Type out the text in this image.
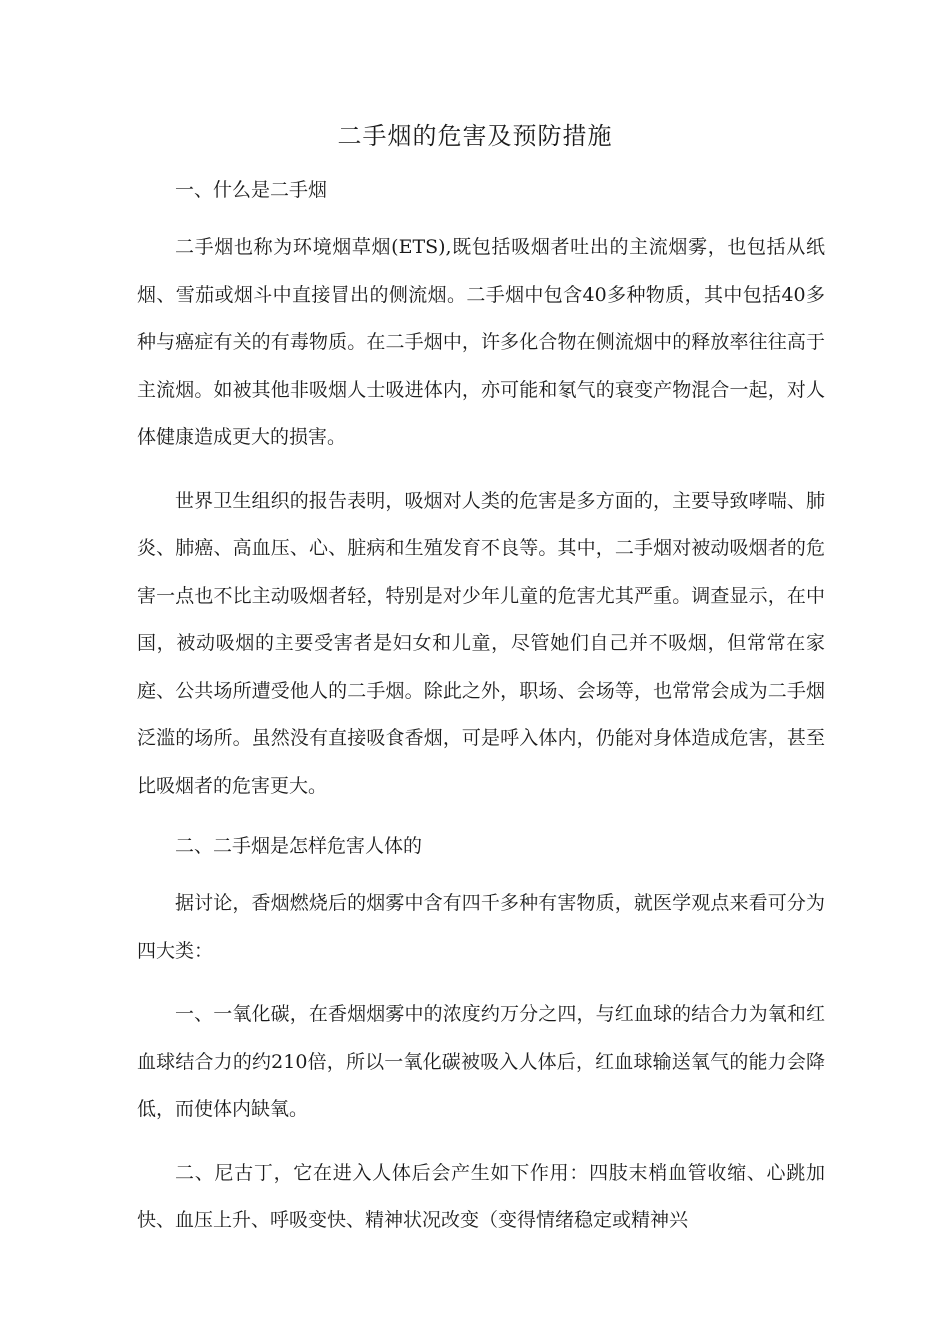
二手烟的危害及预防措施

一、什么是二手烟

二手烟也称为环境烟草烟(ETS),既包括吸烟者吐出的主流烟雾，也包括从纸烟、雪茄或烟斗中直接冒出的侧流烟。二手烟中包含40多种物质，其中包括40多种与癌症有关的有毒物质。在二手烟中，许多化合物在侧流烟中的释放率往往高于主流烟。如被其他非吸烟人士吸进体内，亦可能和氡气的衰变产物混合一起，对人体健康造成更大的损害。

世界卫生组织的报告表明，吸烟对人类的危害是多方面的，主要导致哮喘、肺炎、肺癌、高血压、心、脏病和生殖发育不良等。其中，二手烟对被动吸烟者的危害一点也不比主动吸烟者轻，特别是对少年儿童的危害尤其严重。调查显示，在中国，被动吸烟的主要受害者是妇女和儿童，尽管她们自己并不吸烟，但常常在家庭、公共场所遭受他人的二手烟。除此之外，职场、会场等，也常常会成为二手烟泛滥的场所。虽然没有直接吸食香烟，可是呼入体内，仍能对身体造成危害，甚至比吸烟者的危害更大。

二、二手烟是怎样危害人体的

据讨论，香烟燃烧后的烟雾中含有四千多种有害物质，就医学观点来看可分为四大类：

一、一氧化碳，在香烟烟雾中的浓度约万分之四，与红血球的结合力为氧和红血球结合力的约210倍，所以一氧化碳被吸入人体后，红血球输送氧气的能力会降低，而使体内缺氧。

二、尼古丁，它在进入人体后会产生如下作用：四肢末梢血管收缩、心跳加快、血压上升、呼吸变快、精神状况改变（变得情绪稳定或精神兴
